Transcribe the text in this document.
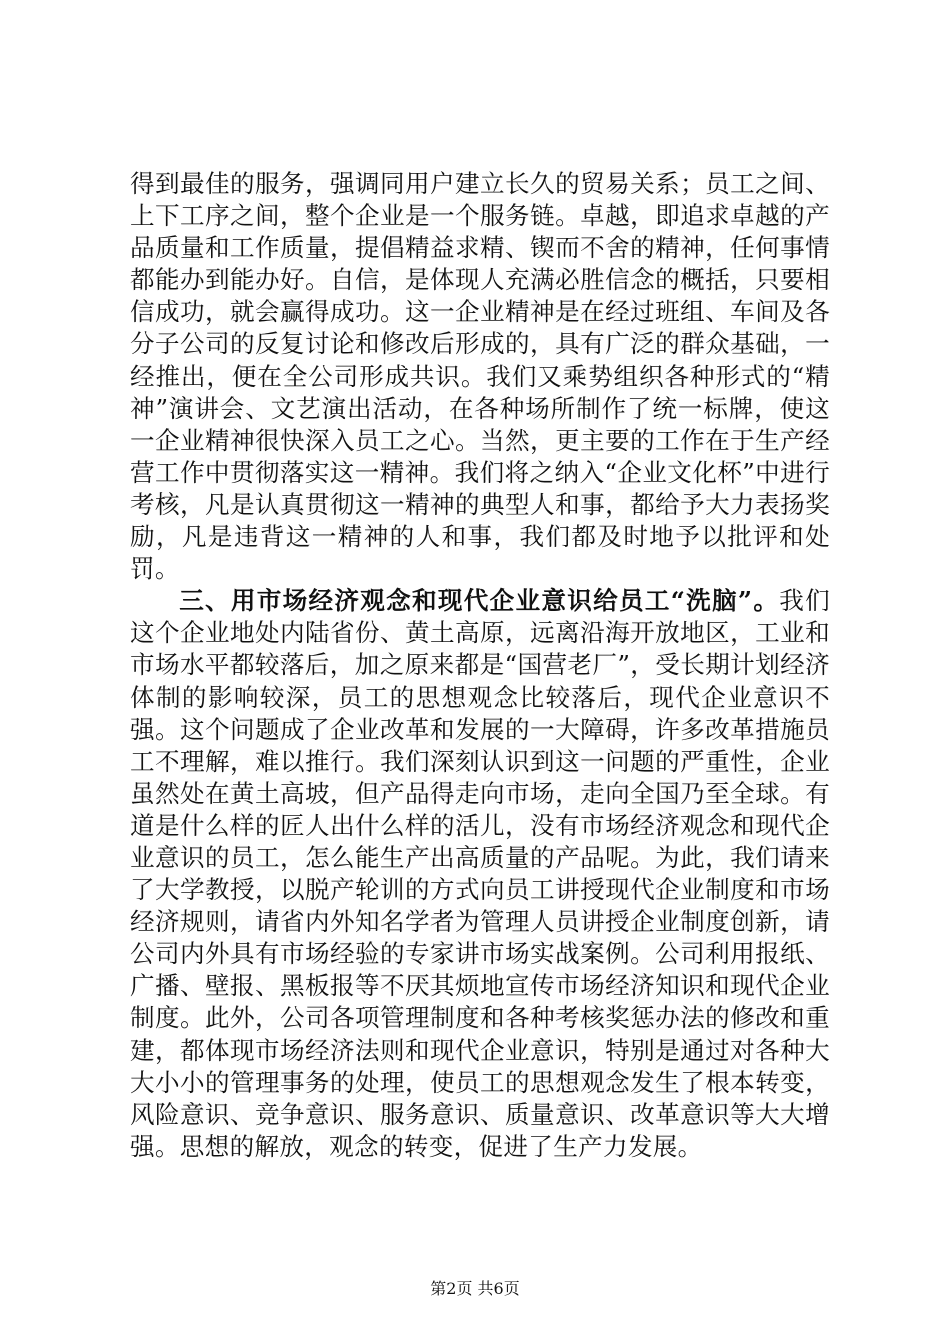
得到最佳的服务，强调同用户建立长久的贸易关系；员工之间、上下工序之间，整个企业是一个服务链。卓越，即追求卓越的产品质量和工作质量，提倡精益求精、锲而不舍的精神，任何事情都能办到能办好。自信，是体现人充满必胜信念的概括，只要相信成功，就会赢得成功。这一企业精神是在经过班组、车间及各分子公司的反复讨论和修改后形成的，具有广泛的群众基础，一经推出，便在全公司形成共识。我们又乘势组织各种形式的“精神”演讲会、文艺演出活动，在各种场所制作了统一标牌，使这一企业精神很快深入员工之心。当然，更主要的工作在于生产经营工作中贯彻落实这一精神。我们将之纳入“企业文化杯”中进行考核，凡是认真贯彻这一精神的典型人和事，都给予大力表扬奖励，凡是违背这一精神的人和事，我们都及时地予以批评和处罚。

三、用市场经济观念和现代企业意识给员工“洗脑”。我们这个企业地处内陆省份、黄土高原，远离沿海开放地区，工业和市场水平都较落后，加之原来都是“国营老厂”，受长期计划经济体制的影响较深，员工的思想观念比较落后，现代企业意识不强。这个问题成了企业改革和发展的一大障碍，许多改革措施员工不理解，难以推行。我们深刻认识到这一问题的严重性，企业虽然处在黄土高坡，但产品得走向市场，走向全国乃至全球。有道是什么样的匠人出什么样的活儿，没有市场经济观念和现代企业意识的员工，怎么能生产出高质量的产品呢。为此，我们请来了大学教授，以脱产轮训的方式向员工讲授现代企业制度和市场经济规则，请省内外知名学者为管理人员讲授企业制度创新，请公司内外具有市场经验的专家讲市场实战案例。公司利用报纸、广播、壁报、黑板报等不厌其烦地宣传市场经济知识和现代企业制度。此外，公司各项管理制度和各种考核奖惩办法的修改和重建，都体现市场经济法则和现代企业意识，特别是通过对各种大大小小的管理事务的处理，使员工的思想观念发生了根本转变，风险意识、竞争意识、服务意识、质量意识、改革意识等大大增强。思想的解放，观念的转变，促进了生产力发展。

第2页 共6页
